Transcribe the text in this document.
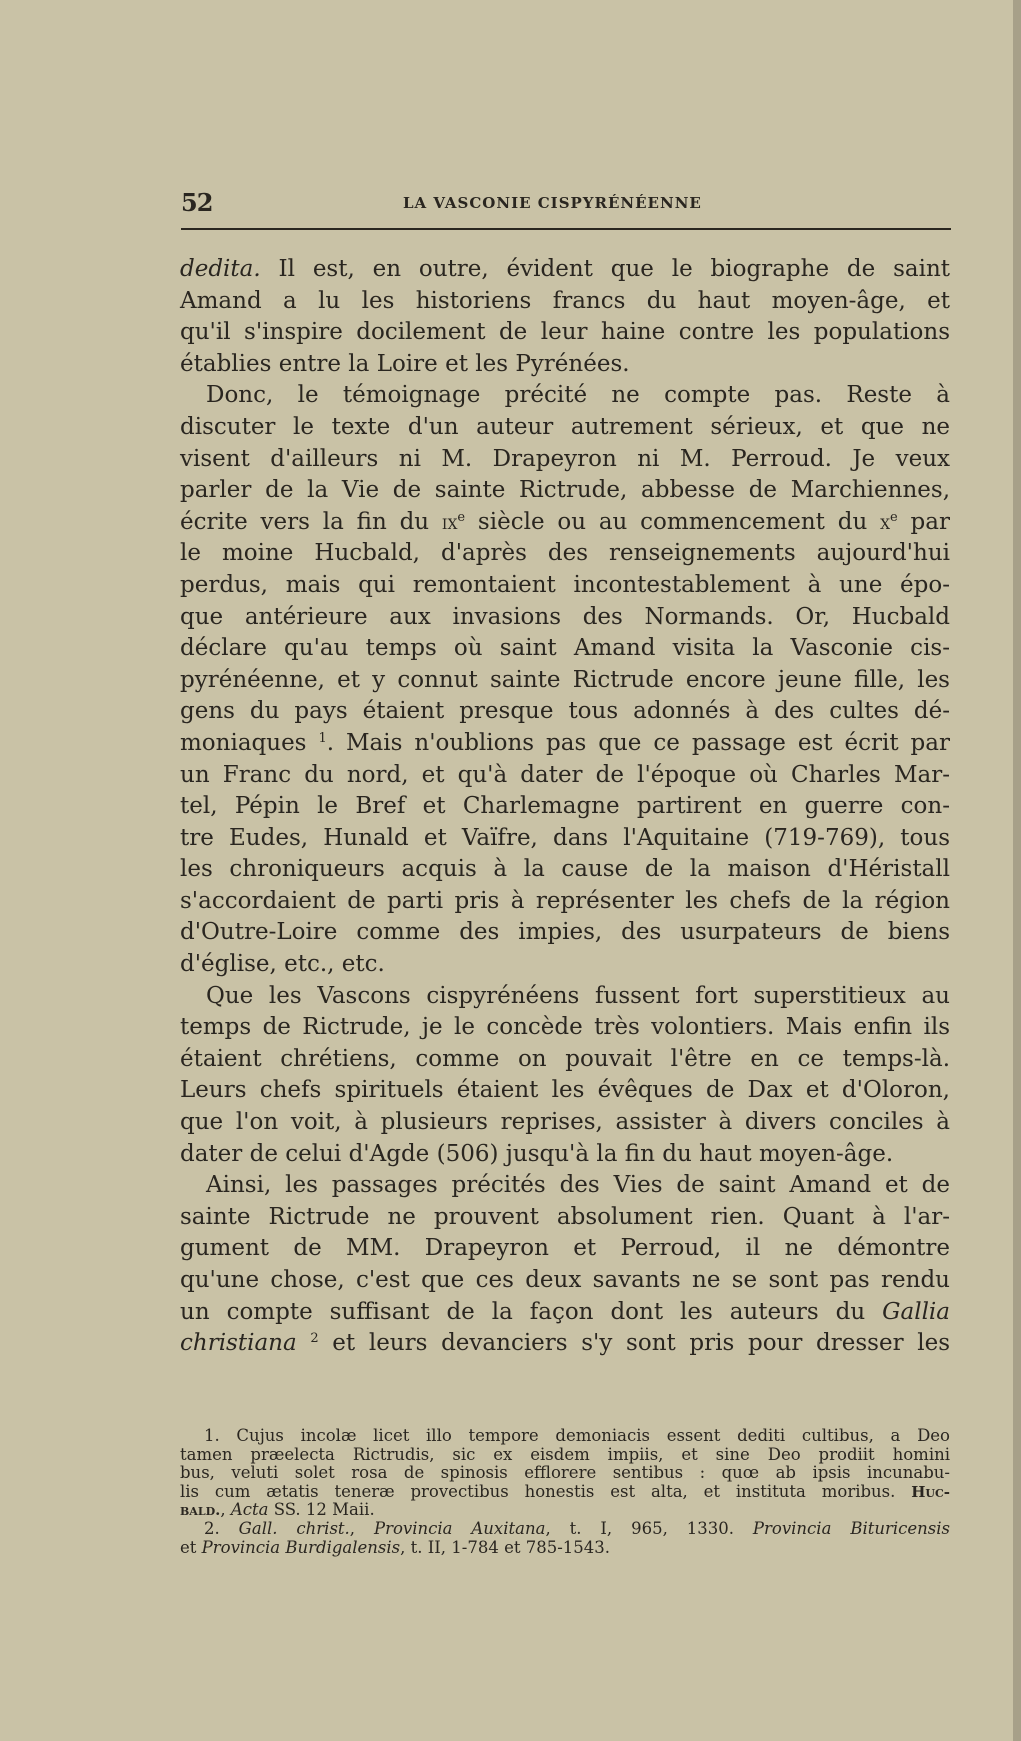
52	LA VASCONIE CISPYRÉNÉENNE
dedita. Il est, en outre, évident que le biographe de saint
Amand a lu les historiens francs du haut moyen-âge, et
qu'il s'inspire docilement de leur haine contre les populations
établies entre la Loire et les Pyrénées.
Donc, le témoignage précité ne compte pas. Reste à
discuter le texte d'un auteur autrement sérieux, et que ne
visent d'ailleurs ni M. Drapeyron ni M. Perroud. Je veux
parler de la Vie de sainte Rictrude, abbesse de Marchiennes,
écrite vers la fin du $ix^e$ siècle ou au commencement du $x^e$ par
le moine Hucbald, d'après des renseignements aujourd'hui
perdus, mais qui remontaient incontestablement à une épo-
que antérieure aux invasions des Normands. Or, Hucbald
déclare qu'au temps où saint Amand visita la Vasconie cis-
pyrénéenne, et y connut sainte Rictrude encore jeune fille, les
gens du pays étaient presque tous adonnés à des cultes dé-
moniaques $^1$. Mais n'oublions pas que ce passage est écrit par
un Franc du nord, et qu'à dater de l'époque où Charles Mar-
tel, Pépin le Bref et Charlemagne partirent en guerre con-
tre Eudes, Hunald et Vaïfre, dans l'Aquitaine (719-769), tous
les chroniqueurs acquis à la cause de la maison d'Héristall
s'accordaient de parti pris à représenter les chefs de la région
d'Outre-Loire comme des impies, des usurpateurs de biens
d'église, etc., etc.
Que les Vascons cispyrénéens fussent fort superstitieux au
temps de Rictrude, je le concède très volontiers. Mais enfin ils
étaient chrétiens, comme on pouvait l'être en ce temps-là.
Leurs chefs spirituels étaient les évêques de Dax et d'Oloron,
que l'on voit, à plusieurs reprises, assister à divers conciles à
dater de celui d'Agde (506) jusqu'à la fin du haut moyen-âge.
Ainsi, les passages précités des Vies de saint Amand et de
sainte Rictrude ne prouvent absolument rien. Quant à l'ar-
gument de MM. Drapeyron et Perroud, il ne démontre
qu'une chose, c'est que ces deux savants ne se sont pas rendu
un compte suffisant de la façon dont les auteurs du Gallia
christiana $^2$ et leurs devanciers s'y sont pris pour dresser les
1. Cujus incolæ licet illo tempore demoniacis essent dediti cultibus, a Deo
tamen præelecta Rictrudis, sic ex eisdem impiis, et sine Deo prodiit homini
bus, veluti solet rosa de spinosis efflorere sentibus : quœ ab ipsis incunabu-
lis cum ætatis teneræ provectibus honestis est alta, et instituta moribus. Huc-
bald., Acta SS. 12 Maii.
2. Gall. christ., Provincia Auxitana, t. I, 965, 1330. Provincia Bituricensis
et Provincia Burdigalensis, t. II, 1-784 et 785-1543.
